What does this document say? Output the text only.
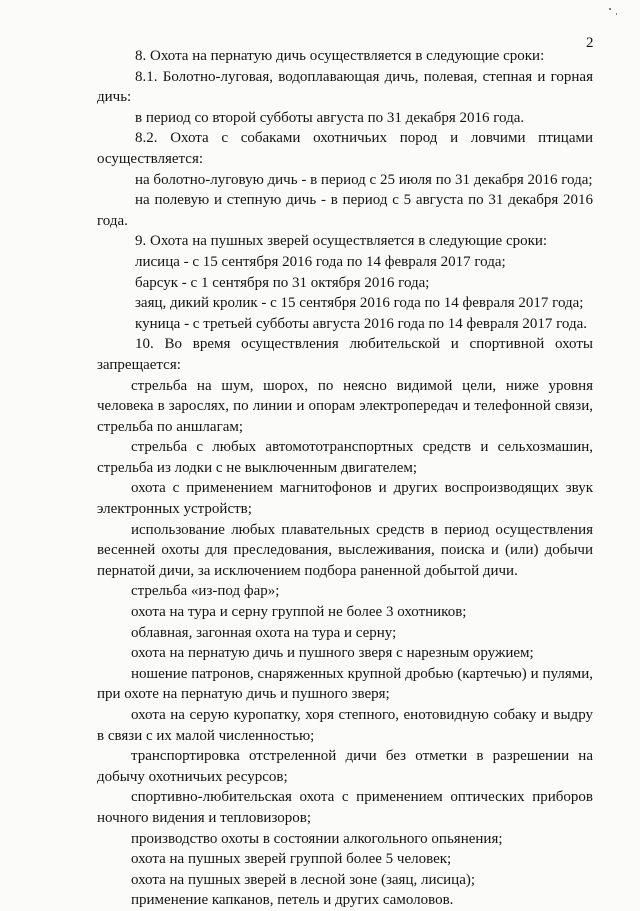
2

8. Охота на пернатую дичь осуществляется в следующие сроки:

8.1. Болотно-луговая, водоплавающая дичь, полевая, степная и горная дичь:

в период со второй субботы августа по 31 декабря 2016 года.

8.2. Охота с собаками охотничьих пород и ловчими птицами осуществляется:

на болотно-луговую дичь - в период с 25 июля по 31 декабря 2016 года;

на полевую и степную дичь - в период с 5 августа по 31 декабря 2016 года.

9. Охота на пушных зверей осуществляется в следующие сроки:

лисица - с 15 сентября 2016 года по 14 февраля 2017 года;

барсук - с 1 сентября по 31 октября 2016 года;

заяц, дикий кролик - с 15 сентября 2016 года по 14 февраля 2017 года;

куница - с третьей субботы августа 2016 года по 14 февраля 2017 года.

10. Во время осуществления любительской и спортивной охоты запрещается:

стрельба на шум, шорох, по неясно видимой цели, ниже уровня человека в зарослях, по линии и опорам электропередач и телефонной связи, стрельба по аншлагам;

стрельба с любых автомототранспортных средств и сельхозмашин, стрельба из лодки с не выключенным двигателем;

охота с применением магнитофонов и других воспроизводящих звук электронных устройств;

использование любых плавательных средств в период осуществления весенней охоты для преследования, выслеживания, поиска и (или) добычи пернатой дичи, за исключением подбора раненной добытой дичи.

стрельба «из-под фар»;

охота на тура и серну группой не более 3 охотников;

облавная, загонная охота на тура и серну;

охота на пернатую дичь и пушного зверя с нарезным оружием;

ношение патронов, снаряженных крупной дробью (картечью) и пулями, при охоте на пернатую дичь и пушного зверя;

охота на серую куропатку, хоря степного, енотовидную собаку и выдру в связи с их малой численностью;

транспортировка отстреленной дичи без отметки в разрешении на добычу охотничьих ресурсов;

спортивно-любительская охота с применением оптических приборов ночного видения и тепловизоров;

производство охоты в состоянии алкогольного опьянения;

охота на пушных зверей группой более 5 человек;

охота на пушных зверей в лесной зоне (заяц, лисица);

применение капканов, петель и других самоловов.
